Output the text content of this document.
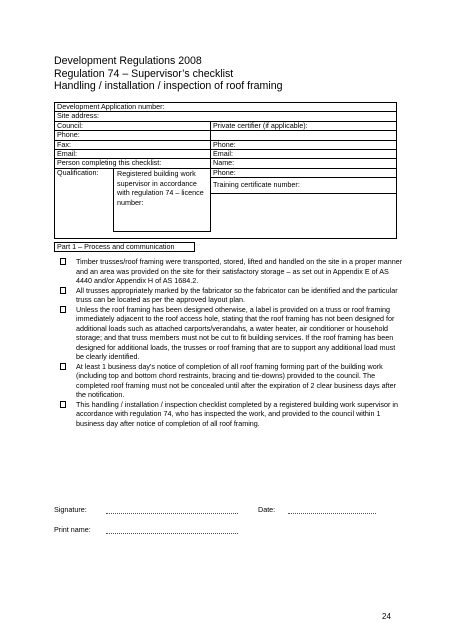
Development Regulations 2008
Regulation 74 – Supervisor’s checklist
Handling / installation / inspection of roof framing
Development Application number:
Site address:
Council:	Private certifier (if applicable):
Phone:
Fax:	Phone:
Email:	Email:
Person completing this checklist:	Name:
Qualification:	Registered building work supervisor in accordance with regulation 74 – licence number:
Phone:
Training certificate number:
Part 1 – Process and communication
Timber trusses/roof framing were transported, stored, lifted and handled on the site in a proper manner and an area was provided on the site for their satisfactory storage – as set out in Appendix E of AS 4440 and/or Appendix H of AS 1684.2.
All trusses appropriately marked by the fabricator so the fabricator can be identified and the particular truss can be located as per the approved layout plan.
Unless the roof framing has been designed otherwise, a label is provided on a truss or roof framing immediately adjacent to the roof access hole, stating that the roof framing has not been designed for additional loads such as attached carports/verandahs, a water heater, air conditioner or household storage; and that truss members must not be cut to fit building services. If the roof framing has been designed for additional loads, the trusses or roof framing that are to support any additional load must be clearly identified.
At least 1 business day’s notice of completion of all roof framing forming part of the building work (including top and bottom chord restraints, bracing and tie-downs) provided to the council. The completed roof framing must not be concealed until after the expiration of 2 clear business days after the notification.
This handling / installation / inspection checklist completed by a registered building work supervisor in accordance with regulation 74, who has inspected the work, and provided to the council within 1 business day after notice of completion of all roof framing.
Signature:	Date:
Print name:
24
